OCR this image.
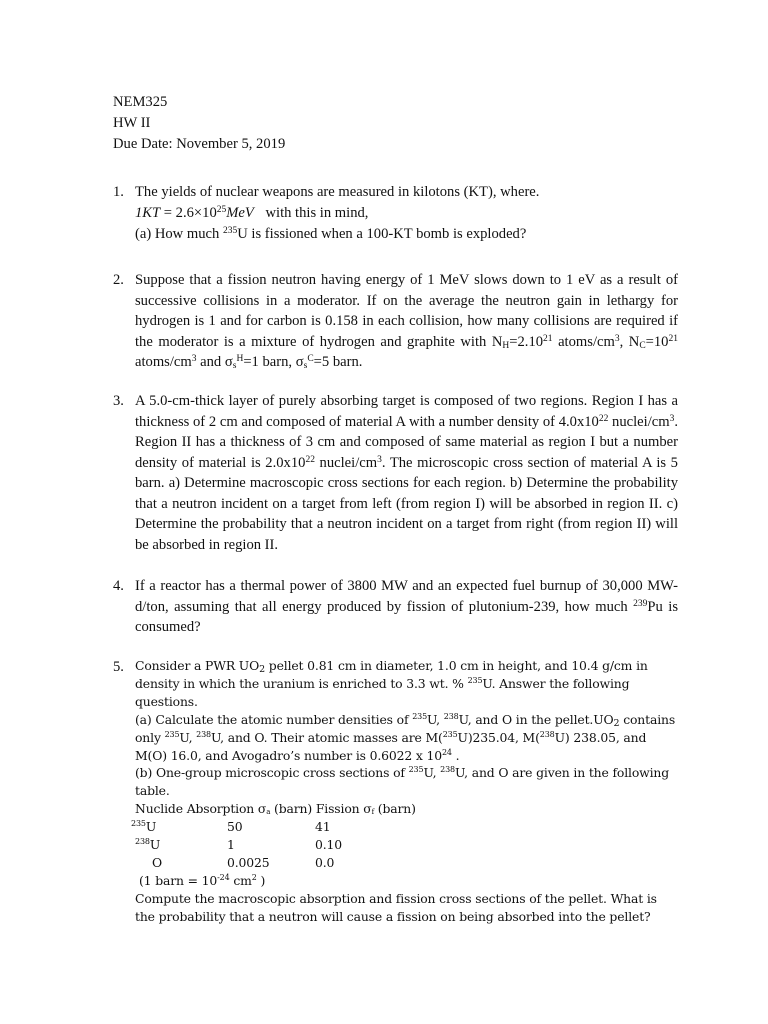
NEM325
HW II
Due Date: November 5, 2019
1. The yields of nuclear weapons are measured in kilotons (KT), where.
$1KT = 2.6\times 10^{25}MeV$ with this in mind,
(a) How much $^{235}$U is fissioned when a 100-KT bomb is exploded?
2. Suppose that a fission neutron having energy of 1 MeV slows down to 1 eV as a result of successive collisions in a moderator. If on the average the neutron gain in lethargy for hydrogen is 1 and for carbon is 0.158 in each collision, how many collisions are required if the moderator is a mixture of hydrogen and graphite with $N_H=2.10^{21}$ atoms/$cm^3$, $N_C=10^{21}$ atoms/$cm^3$ and $\sigma_s^H=1$ barn, $\sigma_s^C=5$ barn.
3. A 5.0-cm-thick layer of purely absorbing target is composed of two regions. Region I has a thickness of 2 cm and composed of material A with a number density of $4.0x10^{22}$ nuclei/$cm^3$. Region II has a thickness of 3 cm and composed of same material as region I but a number density of material is $2.0x10^{22}$ nuclei/$cm^3$. The microscopic cross section of material A is 5 barn. a) Determine macroscopic cross sections for each region. b) Determine the probability that a neutron incident on a target from left (from region I) will be absorbed in region II. c) Determine the probability that a neutron incident on a target from right (from region II) will be absorbed in region II.
4. If a reactor has a thermal power of 3800 MW and an expected fuel burnup of 30,000 MW-d/ton, assuming that all energy produced by fission of plutonium-239, how much $^{239}$Pu is consumed?
5. Consider a PWR $UO_2$ pellet 0.81 cm in diameter, 1.0 cm in height, and 10.4 g/cm in density in which the uranium is enriched to 3.3 wt. % $^{235}$U. Answer the following questions.
(a) Calculate the atomic number densities of $^{235}$U, $^{238}$U, and O in the $pellet.UO_2$ contains only $^{235}$U, $^{238}$U, and O. Their atomic masses are M($^{235}$U)235.04, M($^{238}$U) 238.05, and M(O) 16.0, and Avogadro’s number is 0.6022 x $10^{24}$ .
(b) One-group microscopic cross sections of $^{235}$U, $^{238}$U, and O are given in the following table.
Nuclide Absorption $\sigma_a$ (barn) Fission $\sigma_f$ (barn)
$^{235}$U	50	41
$^{238}$U	1	0.10
O	0.0025	0.0
(1 barn = $10^{-24}$ $cm^2$ )
Compute the macroscopic absorption and fission cross sections of the pellet. What is the probability that a neutron will cause a fission on being absorbed into the pellet?
